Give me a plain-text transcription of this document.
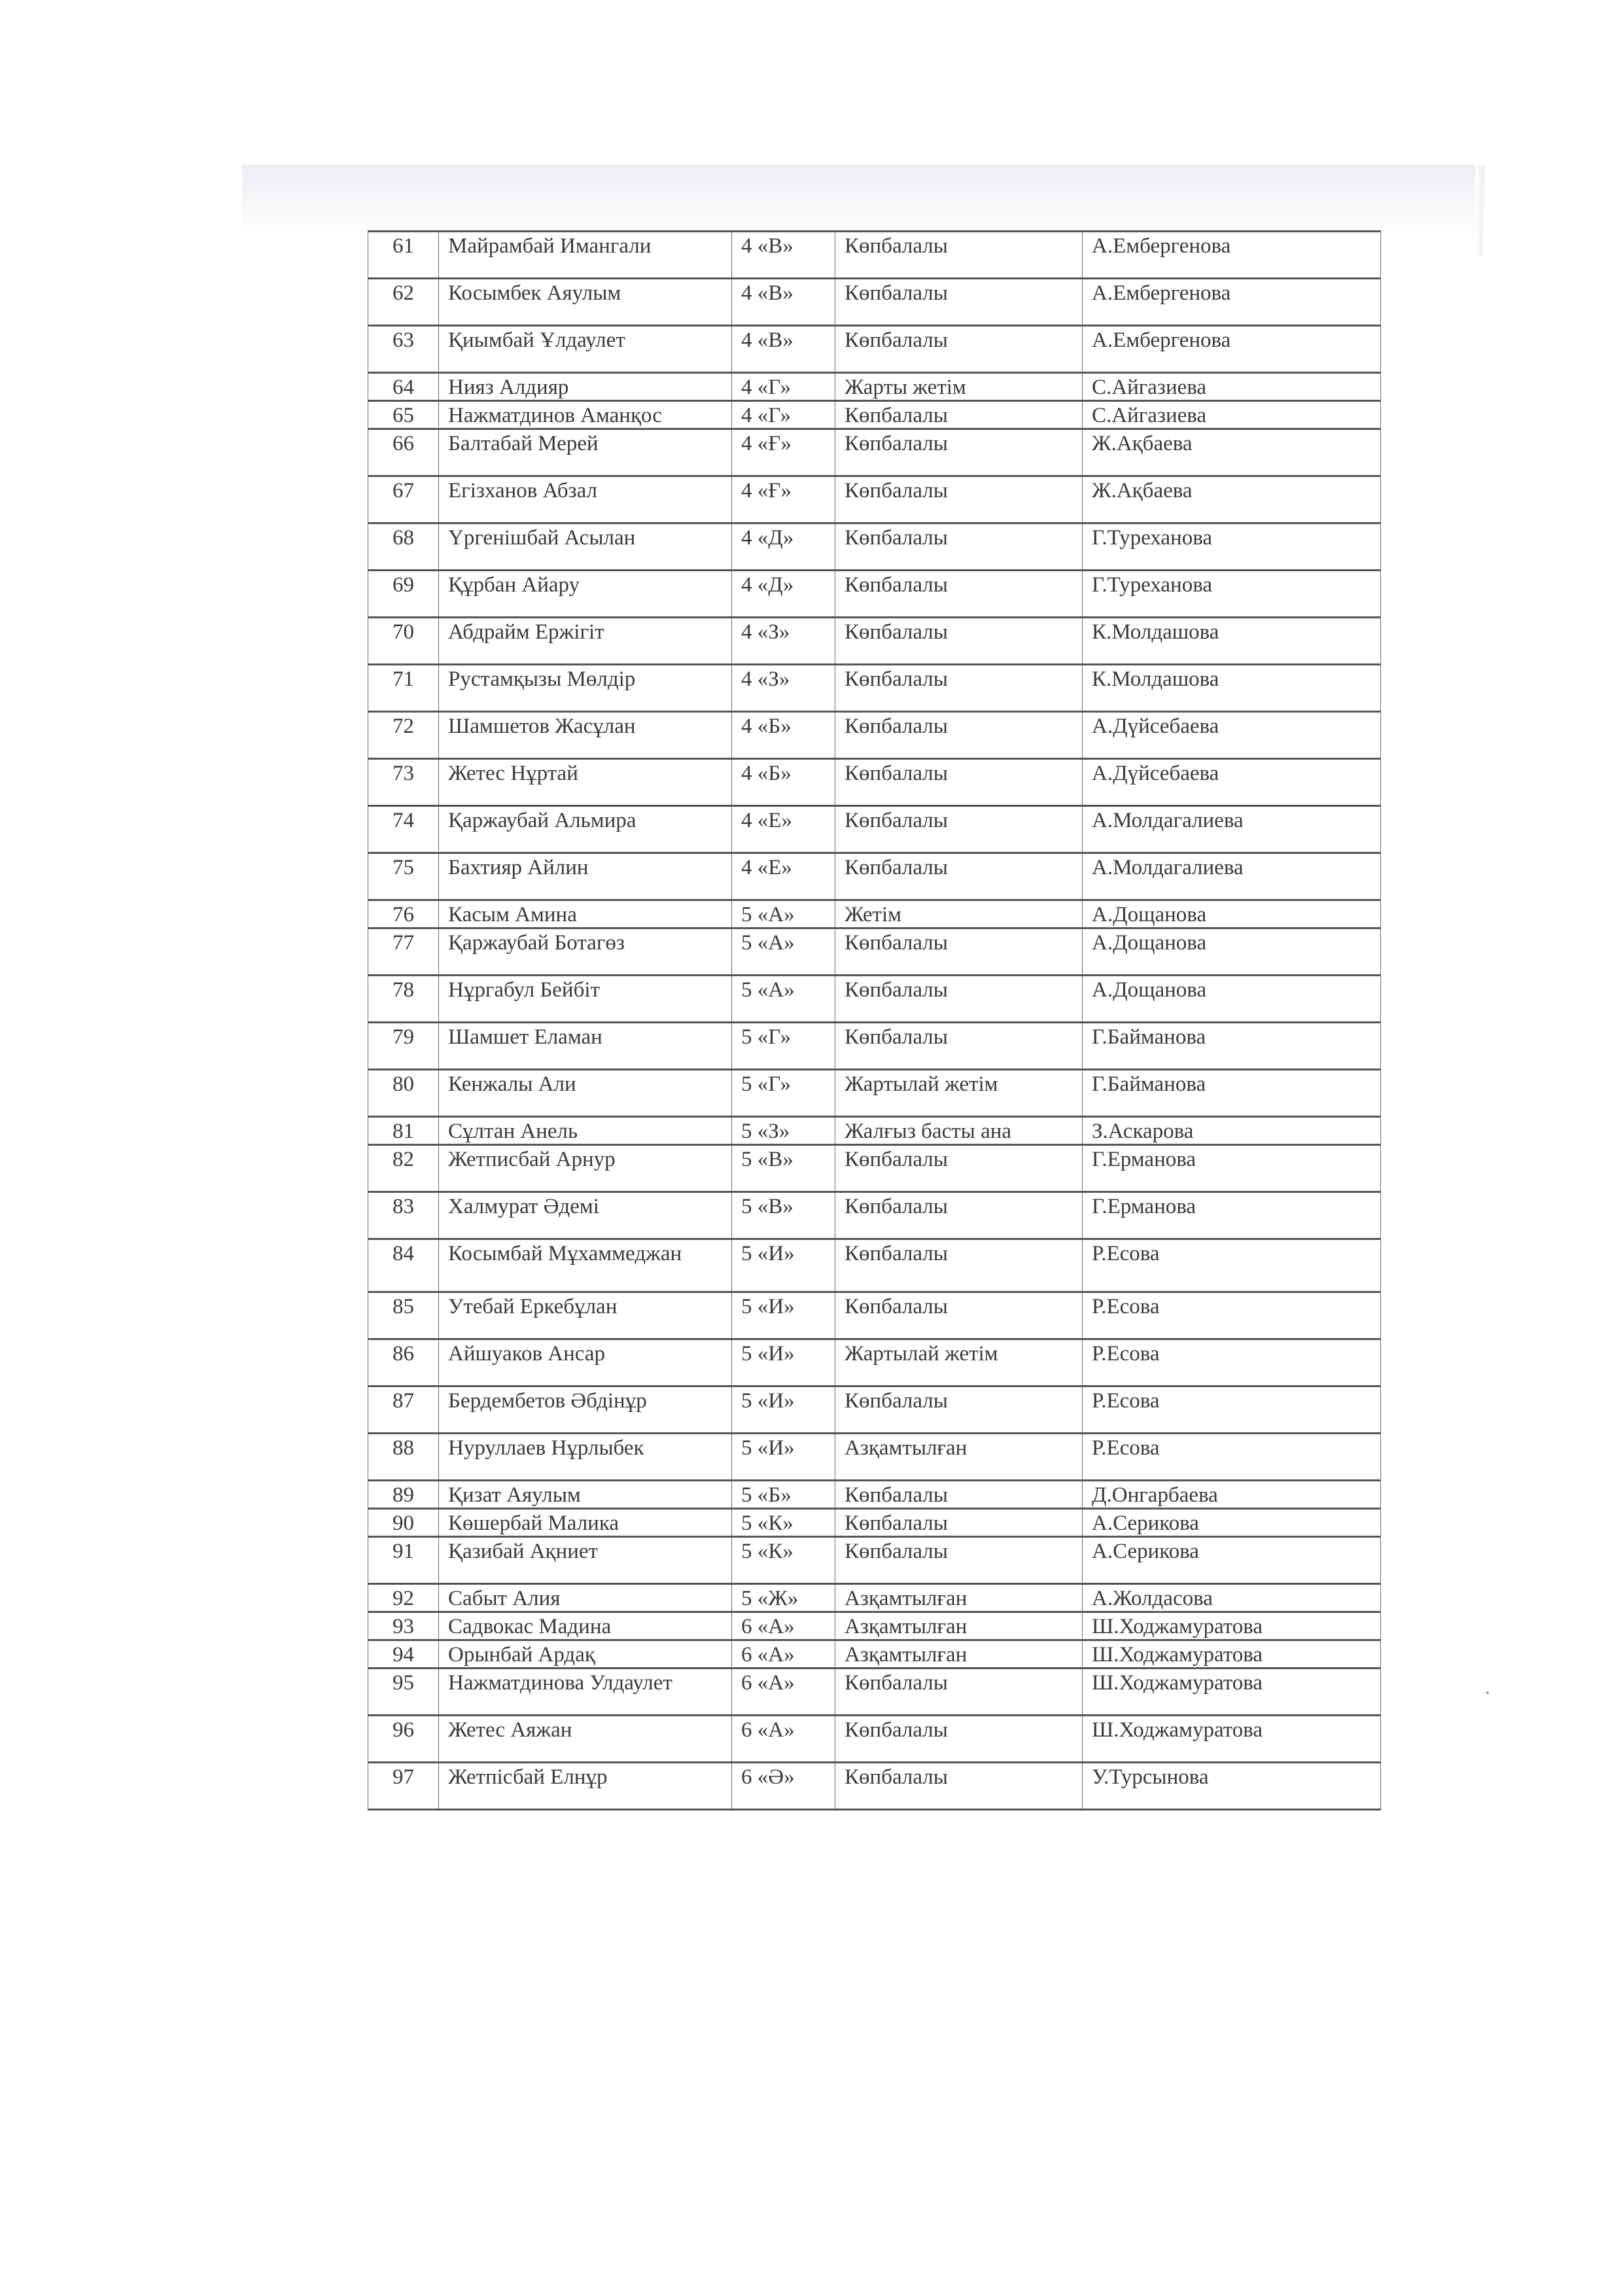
61	Майрамбай Имангали	4 «В»	Көпбалалы	А.Ембергенова
62	Косымбек Аяулым	4 «В»	Көпбалалы	А.Ембергенова
63	Қиымбай Ұлдаулет	4 «В»	Көпбалалы	А.Ембергенова
64	Нияз Алдияр	4 «Г»	Жарты жетім	С.Айгазиева
65	Нажматдинов Аманқос	4 «Г»	Көпбалалы	С.Айгазиева
66	Балтабай Мерей	4 «Ғ»	Көпбалалы	Ж.Ақбаева
67	Егізханов Абзал	4 «Ғ»	Көпбалалы	Ж.Ақбаева
68	Үргенішбай Асылан	4 «Д»	Көпбалалы	Г.Туреханова
69	Құрбан Айару	4 «Д»	Көпбалалы	Г.Туреханова
70	Абдрайм Ержігіт	4 «З»	Көпбалалы	К.Молдашова
71	Рустамқызы Мөлдір	4 «З»	Көпбалалы	К.Молдашова
72	Шамшетов Жасұлан	4 «Б»	Көпбалалы	А.Дүйсебаева
73	Жетес Нұртай	4 «Б»	Көпбалалы	А.Дүйсебаева
74	Қаржаубай Альмира	4 «Е»	Көпбалалы	А.Молдагалиева
75	Бахтияр Айлин	4 «Е»	Көпбалалы	А.Молдагалиева
76	Касым Амина	5 «А»	Жетім	А.Дощанова
77	Қаржаубай Ботагөз	5 «А»	Көпбалалы	А.Дощанова
78	Нұргабул Бейбіт	5 «А»	Көпбалалы	А.Дощанова
79	Шамшет Еламан	5 «Г»	Көпбалалы	Г.Байманова
80	Кенжалы Али	5 «Г»	Жартылай жетім	Г.Байманова
81	Сұлтан Анель	5 «З»	Жалғыз басты ана	З.Аскарова
82	Жетписбай Арнур	5 «В»	Көпбалалы	Г.Ерманова
83	Халмурат Әдемі	5 «В»	Көпбалалы	Г.Ерманова
84	Косымбай Мұхаммеджан	5 «И»	Көпбалалы	Р.Есова
85	Утебай Еркебұлан	5 «И»	Көпбалалы	Р.Есова
86	Айшуаков Ансар	5 «И»	Жартылай жетім	Р.Есова
87	Бердембетов Әбдінұр	5 «И»	Көпбалалы	Р.Есова
88	Нуруллаев Нұрлыбек	5 «И»	Азқамтылған	Р.Есова
89	Қизат Аяулым	5 «Б»	Көпбалалы	Д.Онгарбаева
90	Көшербай Малика	5 «К»	Көпбалалы	А.Серикова
91	Қазибай Ақниет	5 «К»	Көпбалалы	А.Серикова
92	Сабыт Алия	5 «Ж»	Азқамтылған	А.Жолдасова
93	Садвокас Мадина	6 «А»	Азқамтылған	Ш.Ходжамуратова
94	Орынбай Ардақ	6 «А»	Азқамтылған	Ш.Ходжамуратова
95	Нажматдинова Улдаулет	6 «А»	Көпбалалы	Ш.Ходжамуратова
96	Жетес Аяжан	6 «А»	Көпбалалы	Ш.Ходжамуратова
97	Жетпісбай Елнұр	6 «Ә»	Көпбалалы	У.Турсынова
